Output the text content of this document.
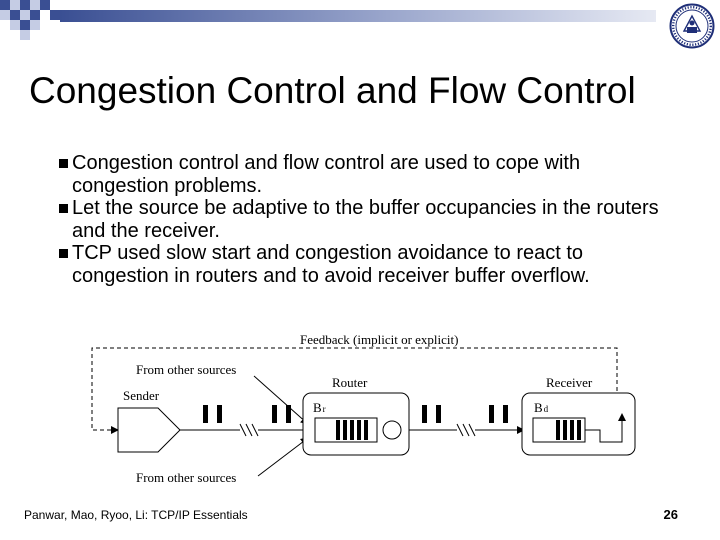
Congestion Control and Flow Control
Congestion control and flow control are used to cope with congestion problems.
Let the source be adaptive to the buffer occupancies in the routers and the receiver.
TCP used slow start and congestion avoidance to react to congestion in routers and to avoid receiver buffer overflow.
Feedback (implicit or explicit)
Sender
From other sources
From other sources
Router
Br
Receiver
Bd
Panwar, Mao, Ryoo, Li: TCP/IP Essentials	26
